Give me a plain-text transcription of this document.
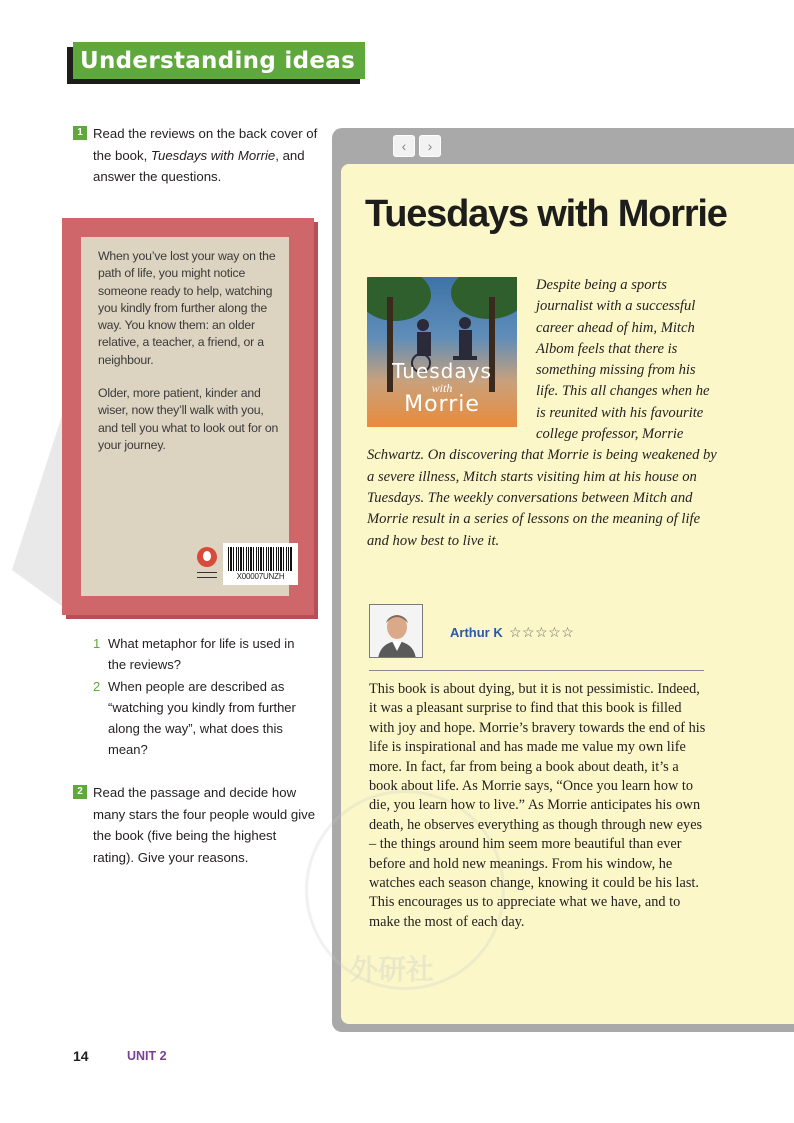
Understanding ideas
1 Read the reviews on the back cover of the book, Tuesdays with Morrie, and answer the questions.

When you’ve lost your way on the path of life, you might notice someone ready to help, watching you kindly from further along the way. You know them: an older relative, a teacher, a friend, or a neighbour.

Older, more patient, kinder and wiser, now they’ll walk with you, and tell you what to look out for on your journey.

X00007UNZH
1 What metaphor for life is used in the reviews?
2 When people are described as “watching you kindly from further along the way”, what does this mean?
2 Read the passage and decide how many stars the four people would give the book (five being the highest rating). Give your reasons.
‹	›
外研社
Tuesdays with Morrie
Tuesdays
with
Morrie
Despite being a sports journalist with a successful career ahead of him, Mitch Albom feels that there is something missing from his life. This all changes when he is reunited with his favourite college professor, Morrie Schwartz. On discovering that Morrie is being weakened by a severe illness, Mitch starts visiting him at his house on Tuesdays. The weekly conversations between Mitch and Morrie result in a series of lessons on the meaning of life and how best to live it.
Arthur K ☆☆☆☆☆
This book is about dying, but it is not pessimistic. Indeed, it was a pleasant surprise to find that this book is filled with joy and hope. Morrie’s bravery towards the end of his life is inspirational and has made me value my own life more. In fact, far from being a book about death, it’s a book about life. As Morrie says, “Once you learn how to die, you learn how to live.” As Morrie anticipates his own death, he observes everything as though through new eyes – the things around him seem more beautiful than ever before and hold new meanings. From his window, he watches each season change, knowing it could be his last. This encourages us to appreciate what we have, and to make the most of each day.
14	UNIT 2
